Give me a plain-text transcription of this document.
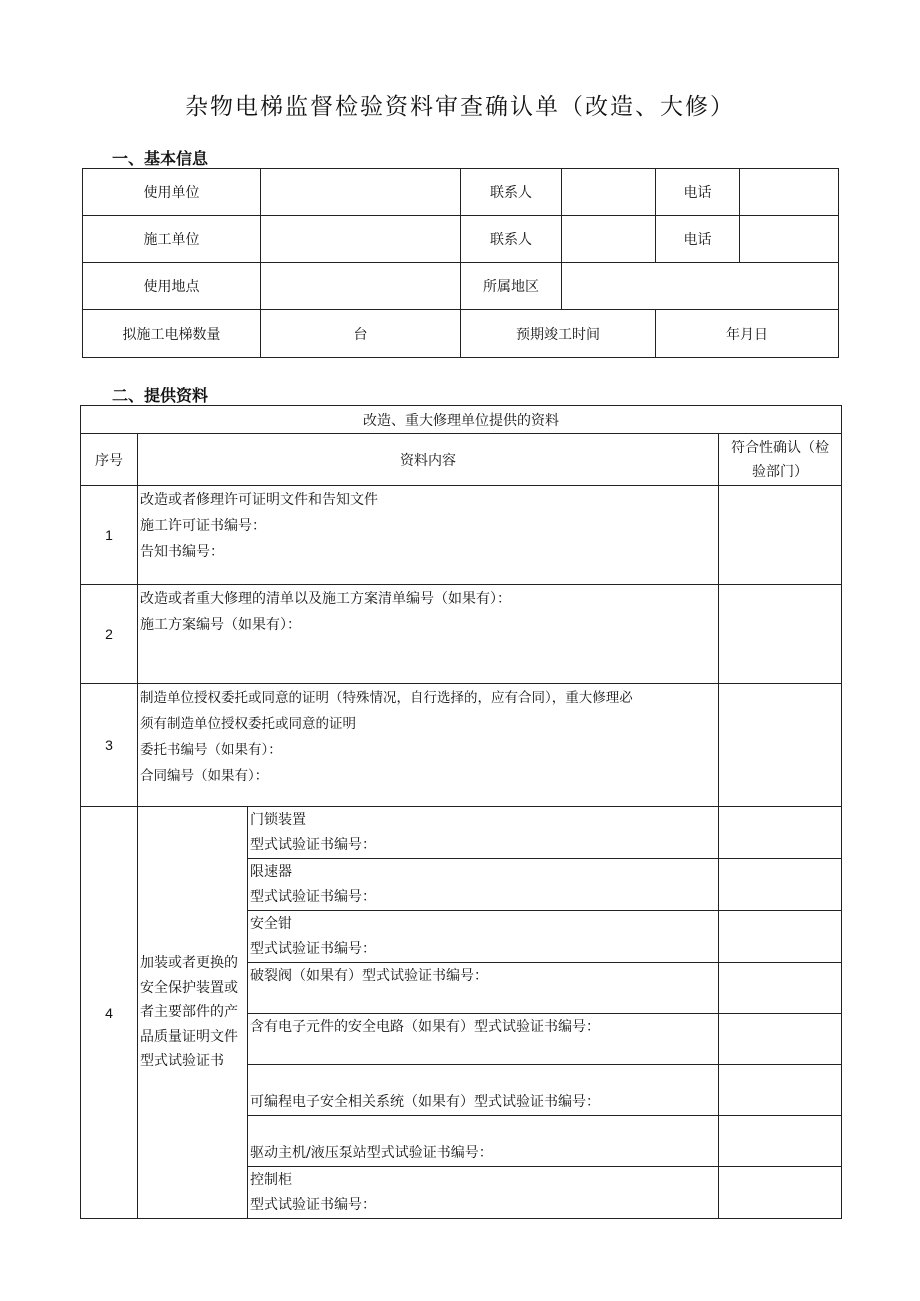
杂物电梯监督检验资料审查确认单（改造、大修）
一、基本信息
使用单位		联系人		电话	
施工单位		联系人		电话	
使用地点		所属地区			
拟施工电梯数量	台	预期竣工时间		年月日	
二、提供资料
改造、重大修理单位提供的资料			
序号	资料内容		符合性确认（检
验部门）

1	改造或者修理许可证明文件和告知文件
施工许可证书编号：
告知书编号：		

2	改造或者重大修理的清单以及施工方案清单编号（如果有）：
施工方案编号（如果有）：		

3	制造单位授权委托或同意的证明（特殊情况，自行选择的，应有合同），重大修理必
须有制造单位授权委托或同意的证明
委托书编号（如果有）：
合同编号（如果有）：		

4	加装或者更换的
安全保护装置或
者主要部件的产
品质量证明文件
型式试验证书	门锁装置
型式试验证书编号：	

		限速器
型式试验证书编号：	

		安全钳
型式试验证书编号：	

		破裂阀（如果有）型式试验证书编号：	

		含有电子元件的安全电路（如果有）型式试验证书编号：	

		可编程电子安全相关系统（如果有）型式试验证书编号：	

		驱动主机/液压泵站型式试验证书编号：	

		控制柜
型式试验证书编号：	
